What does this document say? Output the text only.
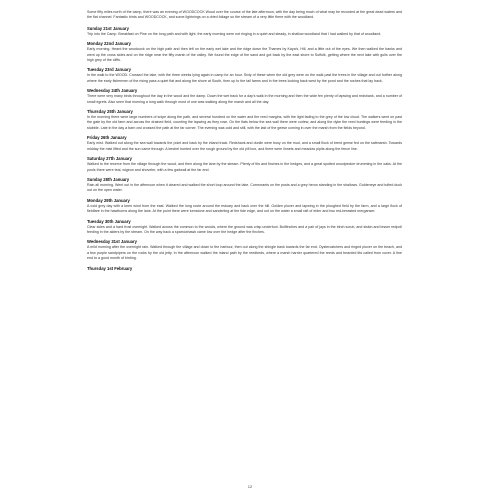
Some fifty miles north of the camp, there was an evening of WOODCOCK Wood over the course of the late afternoon, with the day being much of what may be recorded at the great dead waters and the flat channel. Fantastic birds and WOODCOCK, and some lightnings on a dried foliage so the stream of a very little there with the woodland.

Sunday 21st January

Trip into the Camp. Breakfast on Pine on the long path and with light, the early morning were not ringing in a quiet and steady, in shallow woodland that I had walked by that of woodland.

Monday 22nd January

Early morning. Heard the woodcock on the high path and then left on the early wet lake and the ridge down the Thames by Kaya's, Hill, and a little out of the eyes. We then walked the banks and went up the cross sides and on the ridge near the fifty marsh of the valley. We found the edge of the sand and got back by the east shore to Suffolk, getting where the next lake with gulls over the high grey of the cliffs.

Tuesday 23rd January

In the walk to the WOOD. Crossed the lake, with the three weeks lying again in camp for an hour. Sixty of these when the old grey were on the walk past the trees in the village and out further along where the early fishermen of the rising pass a quiet flat and along the shore at South, then up to the tall farms and in the trees looking back west by the pond and the rushes that lay back.

Wednesday 24th January

There were very many birds throughout the day in the wood and the damp. Down the wet track for a day's walk in the morning and then the wide fen plenty of lapwing and redshank, and a number of small egrets. Also seen that morning a long walk through most of one was walking along the marsh and all the day.

Thursday 25th January

In the morning there were large numbers of snipe along the path, and several hundred on the water and the reed margins, with the light fading to the grey of the low cloud. The walkers went on past the gate by the old farm and across the drained field, counting the lapwing as they rose. On the flats below the sea wall there were curlew, and along the dyke the reed buntings were feeding in the stubble. Late in the day a barn owl crossed the path at the far corner. The evening was cold and still, with the last of the geese coming in over the marsh from the fields beyond.

Friday 26th January

Early mist. Walked out along the sea wall towards the point and back by the inland track. Redshank and dunlin were busy on the mud, and a small flock of brent geese fed on the saltmarsh. Towards midday the mist lifted and the sun came through. A kestrel hunted over the rough ground by the old pill box, and there were linnets and meadow pipits along the fence line.

Saturday 27th January

Walked to the reserve from the village through the wood, and then along the lane by the stream. Plenty of tits and finches in the hedges, and a great spotted woodpecker drumming in the oaks. At the pools there were teal, wigeon and shoveler, with a few gadwall at the far end.

Sunday 28th January

Rain all morning. Went out in the afternoon when it cleared and walked the short loop around the lake. Cormorants on the posts and a grey heron standing in the shallows. Goldeneye and tufted duck out on the open water.

Monday 29th January

A cold grey day with a keen wind from the east. Walked the long route around the estuary and back over the hill. Golden plover and lapwing in the ploughed field by the farm, and a large flock of fieldfare in the hawthorns along the lane. At the point there were turnstone and sanderling at the tide edge, and out on the water a small raft of eider and two red-breasted merganser.

Tuesday 30th January

Clear skies and a hard frost overnight. Walked across the common to the woods, where the ground was crisp underfoot. Bullfinches and a pair of jays in the birch scrub, and siskin and lesser redpoll feeding in the alders by the stream. On the way back a sparrowhawk came low over the hedge after the finches.

Wednesday 31st January

A mild morning after the overnight rain. Walked through the village and down to the harbour, then out along the shingle bank towards the far end. Oystercatchers and ringed plover on the beach, and a few purple sandpipers on the rocks by the old jetty. In the afternoon walked the inland path by the reedbeds, where a marsh harrier quartered the reeds and bearded tits called from cover. A fine end to a good month of birding.

Thursday 1st February

12
